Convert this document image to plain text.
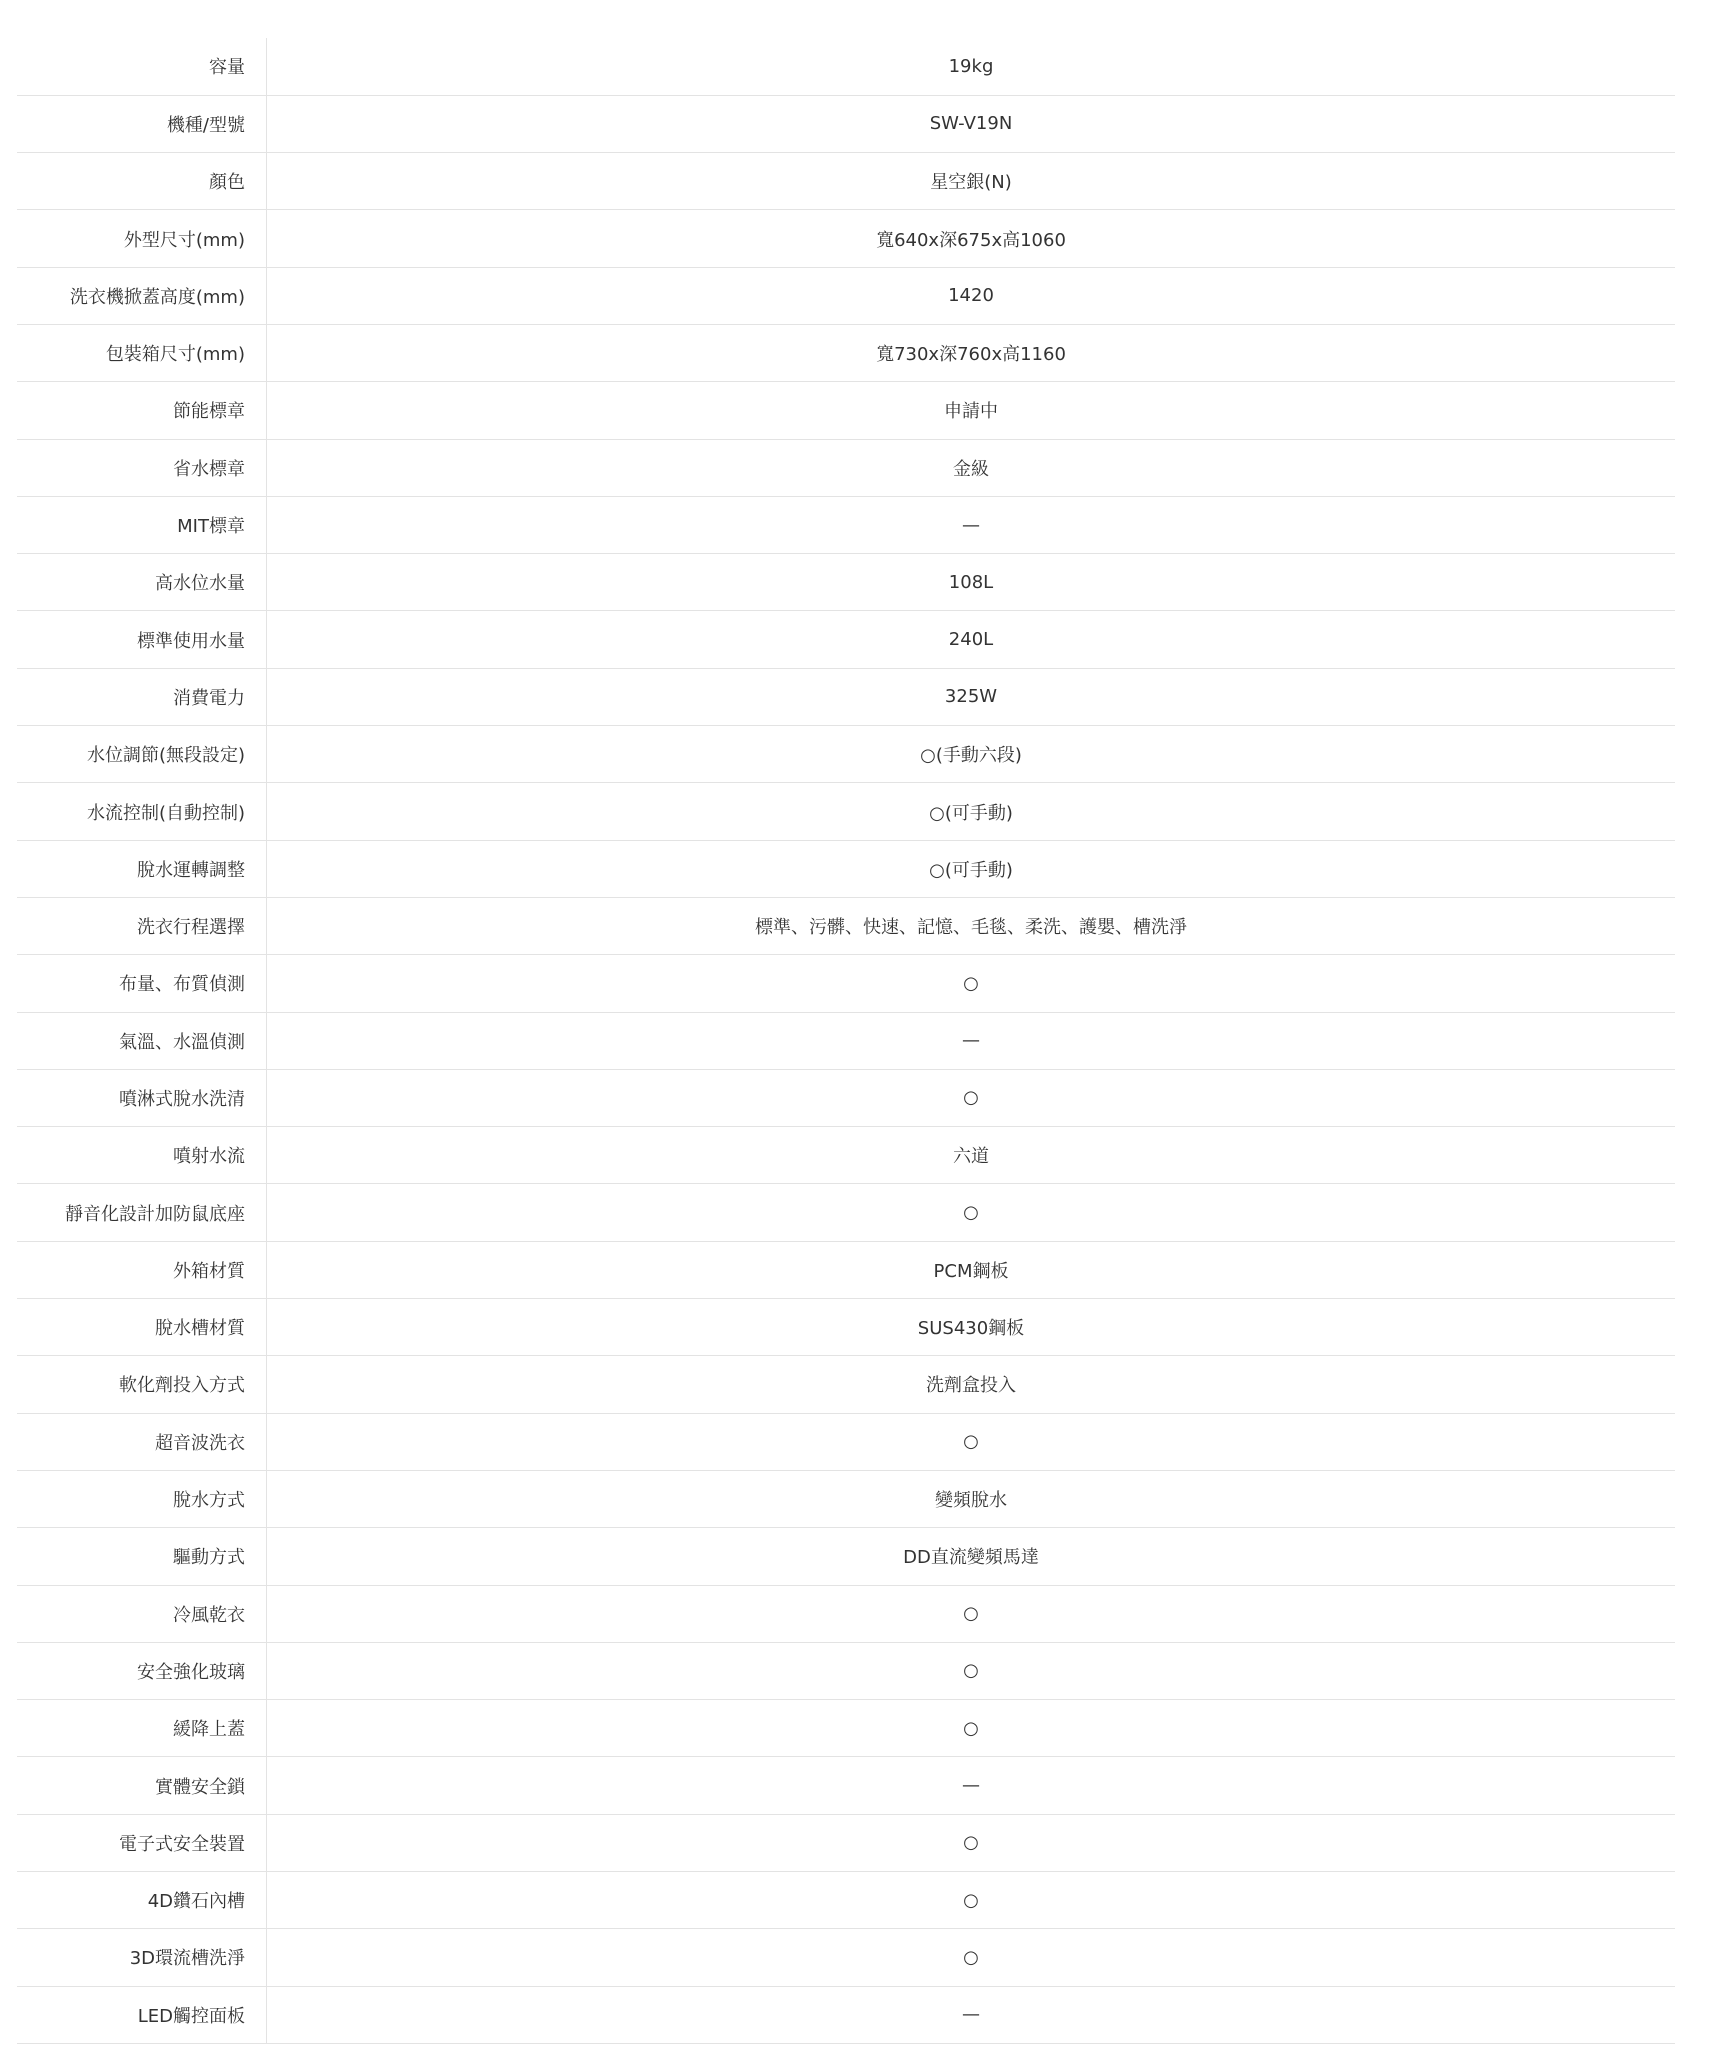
容量	19kg
機種/型號	SW-V19N
顏色	星空銀(N)
外型尺寸(mm)	寬640x深675x高1060
洗衣機掀蓋高度(mm)	1420
包裝箱尺寸(mm)	寬730x深760x高1160
節能標章	申請中
省水標章	金級
MIT標章	—
高水位水量	108L
標準使用水量	240L
消費電力	325W
水位調節(無段設定)	○(手動六段)
水流控制(自動控制)	○(可手動)
脫水運轉調整	○(可手動)
洗衣行程選擇	標準、污髒、快速、記憶、毛毯、柔洗、護嬰、槽洗淨
布量、布質偵測	○
氣溫、水溫偵測	—
噴淋式脫水洗清	○
噴射水流	六道
靜音化設計加防鼠底座	○
外箱材質	PCM鋼板
脫水槽材質	SUS430鋼板
軟化劑投入方式	洗劑盒投入
超音波洗衣	○
脫水方式	變頻脫水
驅動方式	DD直流變頻馬達
冷風乾衣	○
安全強化玻璃	○
緩降上蓋	○
實體安全鎖	—
電子式安全裝置	○
4D鑽石內槽	○
3D環流槽洗淨	○
LED觸控面板	—
